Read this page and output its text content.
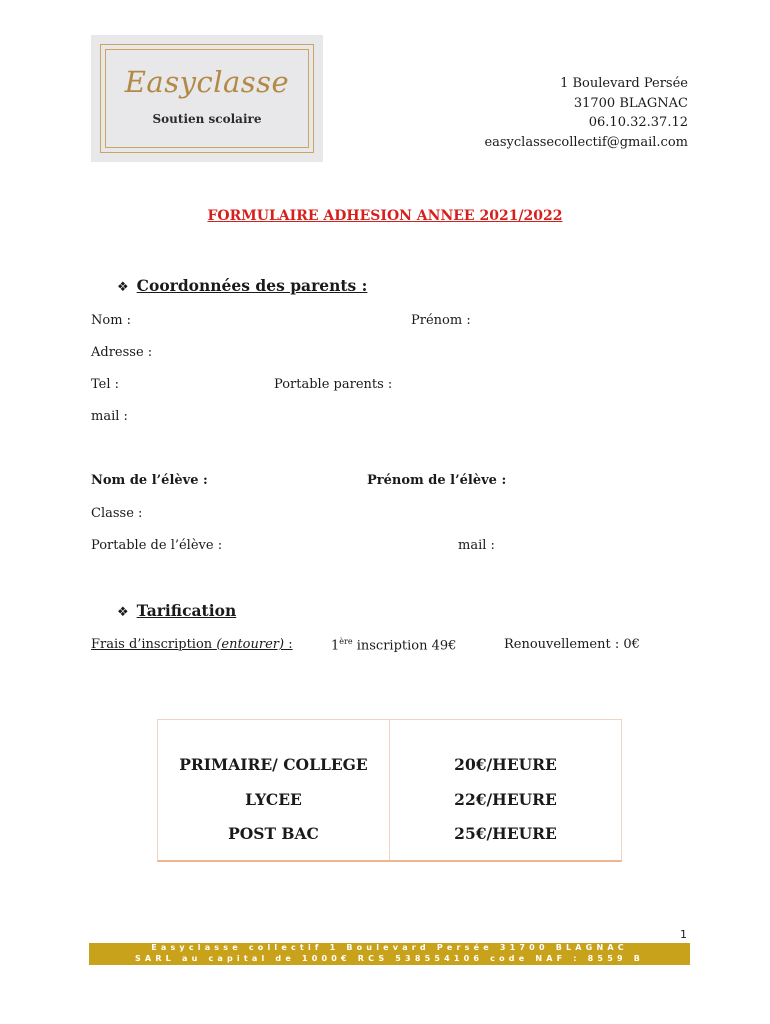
Easyclasse
Soutien scolaire
1 Boulevard Persée
31700 BLAGNAC
06.10.32.37.12
easyclassecollectif@gmail.com
FORMULAIRE ADHESION ANNEE 2021/2022
❖ Coordonnées des parents :
Nom :	Prénom :
Adresse :
Tel :	Portable parents :
mail :
Nom de l’élève :	Prénom de l’élève :
Classe :
Portable de l’élève :	mail :
❖ Tarification
Frais d’inscription (entourer) :	1ère inscription 49€	Renouvellement : 0€
PRIMAIRE/ COLLEGE	20€/HEURE
LYCEE	22€/HEURE
POST BAC	25€/HEURE
1
Easyclasse collectif 1 Boulevard Persée 31700 BLAGNAC
SARL au capital de 1000€ RCS 538554106 code NAF : 8559 B
